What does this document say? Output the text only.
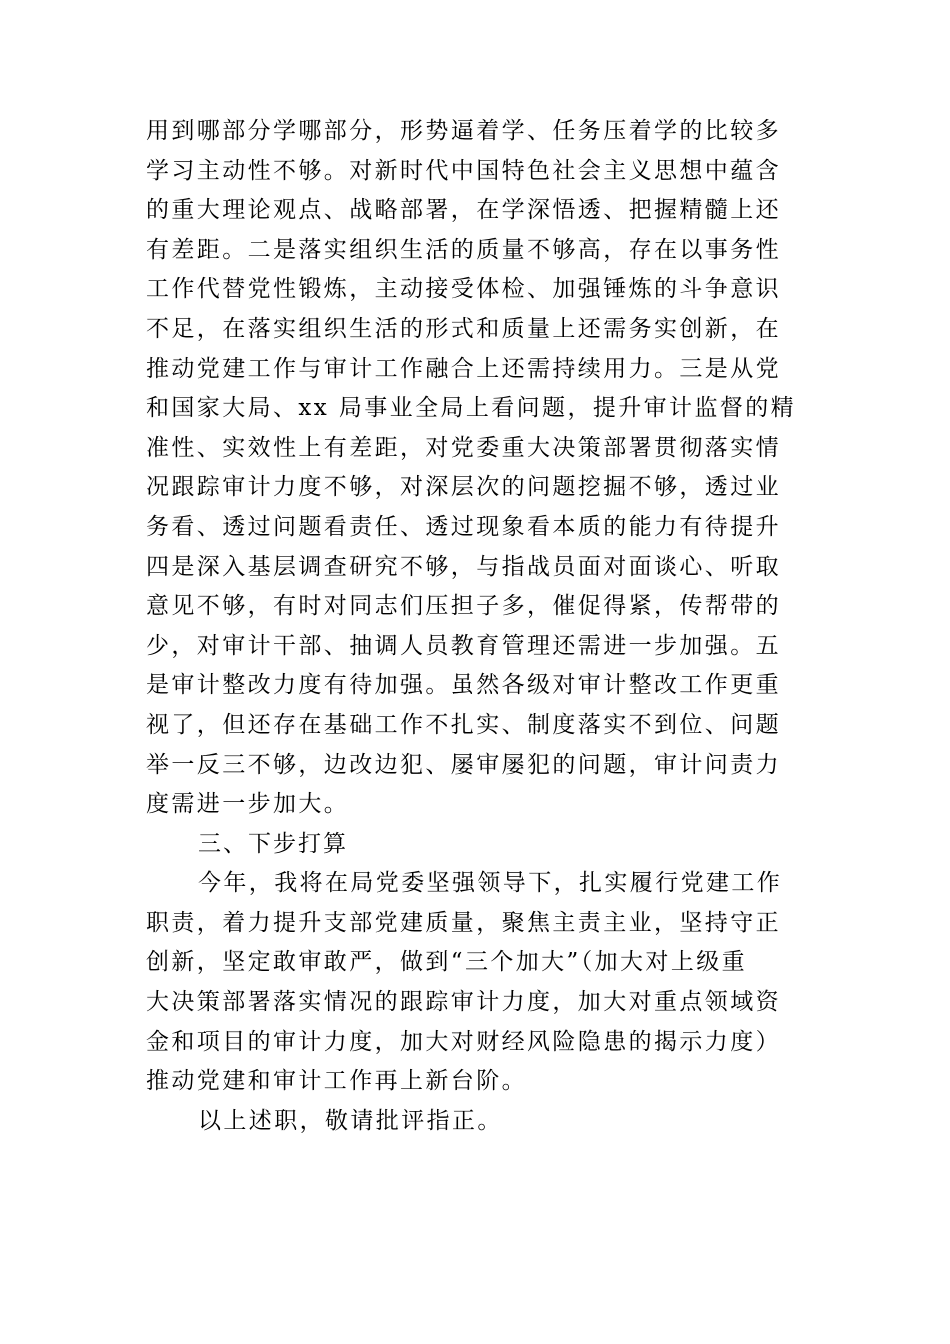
用到哪部分学哪部分，形势逼着学、任务压着学的比较多
学习主动性不够。对新时代中国特色社会主义思想中蕴含
的重大理论观点、战略部署，在学深悟透、把握精髓上还
有差距。二是落实组织生活的质量不够高，存在以事务性
工作代替党性锻炼，主动接受体检、加强锤炼的斗争意识
不足，在落实组织生活的形式和质量上还需务实创新，在
推动党建工作与审计工作融合上还需持续用力。三是从党
和国家大局、xx 局事业全局上看问题，提升审计监督的精
准性、实效性上有差距，对党委重大决策部署贯彻落实情
况跟踪审计力度不够，对深层次的问题挖掘不够，透过业
务看、透过问题看责任、透过现象看本质的能力有待提升
四是深入基层调查研究不够，与指战员面对面谈心、听取
意见不够，有时对同志们压担子多，催促得紧，传帮带的
少，对审计干部、抽调人员教育管理还需进一步加强。五
是审计整改力度有待加强。虽然各级对审计整改工作更重
视了，但还存在基础工作不扎实、制度落实不到位、问题
举一反三不够，边改边犯、屡审屡犯的问题，审计问责力
度需进一步加大。
三、下步打算
今年，我将在局党委坚强领导下，扎实履行党建工作
职责，着力提升支部党建质量，聚焦主责主业，坚持守正
创新，坚定敢审敢严，做到“三个加大”（加大对上级重
大决策部署落实情况的跟踪审计力度，加大对重点领域资
金和项目的审计力度，加大对财经风险隐患的揭示力度）
推动党建和审计工作再上新台阶。
以上述职，敬请批评指正。
